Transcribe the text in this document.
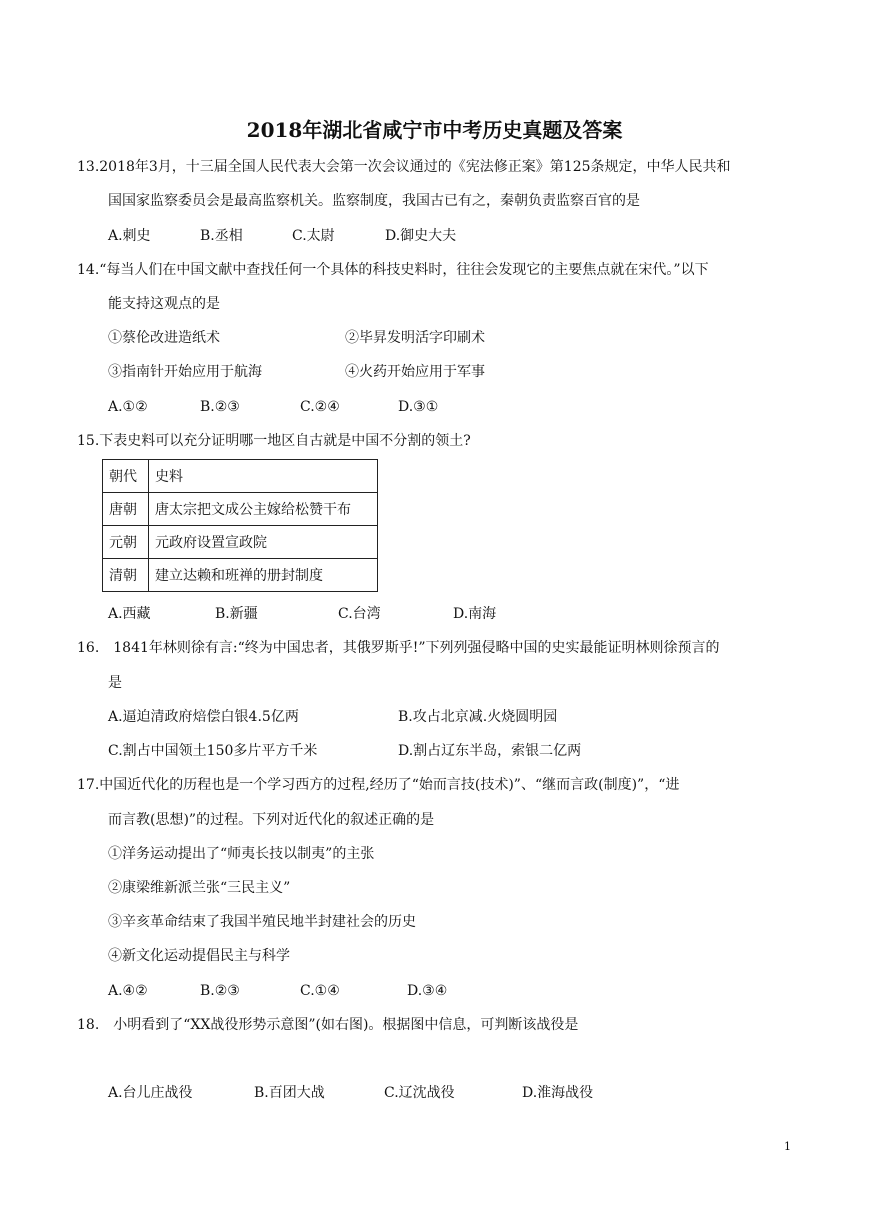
2018年湖北省咸宁市中考历史真题及答案
13.2018年3月，十三届全国人民代表大会第一次会议通过的《宪法修正案》第125条规定，中华人民共和
国国家监察委员会是最高监察机关。监察制度，我国古已有之，秦朝负责监察百官的是
A.刺史	B.丞相	C.太尉	D.御史大夫
14.“每当人们在中国文献中查找任何一个具体的科技史料时，往往会发现它的主要焦点就在宋代。”以下
能支持这观点的是
①蔡伦改进造纸术	②毕昇发明活字印刷术
③指南针开始应用于航海	④火药开始应用于军事
A.①②	B.②③	C.②④	D.③①
15.下表史料可以充分证明哪一地区自古就是中国不分割的领土?
朝代	史料
唐朝	唐太宗把文成公主嫁给松赞干布
元朝	元政府设置宣政院
清朝	建立达赖和班禅的册封制度
A.西藏	B.新疆	C.台湾	D.南海
16.　1841年林则徐有言:“终为中国忠者，其俄罗斯乎!”下列列强侵略中国的史实最能证明林则徐预言的
是
A.逼迫清政府焙偿白银4.5亿两	B.攻占北京减.火烧圆明园
C.割占中国领土150多片平方千米	D.割占辽东半岛，索银二亿两
17.中国近代化的历程也是一个学习西方的过程,经历了“始而言技(技术)”、“继而言政(制度)”，“进
而言教(思想)”的过程。下列对近代化的叙述正确的是
①洋务运动提出了“师夷长技以制夷”的主张
②康梁维新派兰张“三民主义”
③辛亥革命结束了我国半殖民地半封建社会的历史
④新文化运动提倡民主与科学
A.④②	B.②③	C.①④	D.③④
18.　小明看到了“XX战役形势示意图”(如右图)。根据图中信息，可判断该战役是
A.台儿庄战役	B.百团大战	C.辽沈战役	D.淮海战役
1
